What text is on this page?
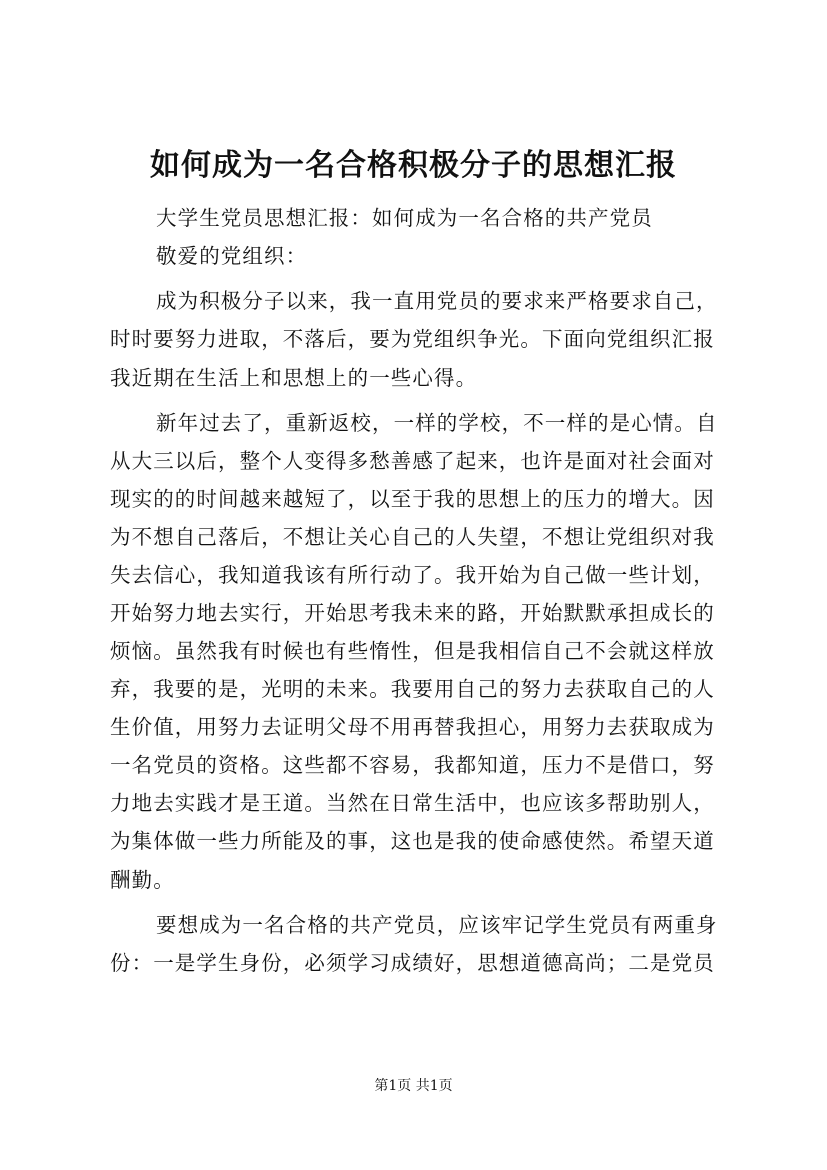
如何成为一名合格积极分子的思想汇报
大学生党员思想汇报：如何成为一名合格的共产党员
敬爱的党组织：
成为积极分子以来，我一直用党员的要求来严格要求自己，
时时要努力进取，不落后，要为党组织争光。下面向党组织汇报
我近期在生活上和思想上的一些心得。
新年过去了，重新返校，一样的学校，不一样的是心情。自
从大三以后，整个人变得多愁善感了起来，也许是面对社会面对
现实的的时间越来越短了，以至于我的思想上的压力的增大。因
为不想自己落后，不想让关心自己的人失望，不想让党组织对我
失去信心，我知道我该有所行动了。我开始为自己做一些计划，
开始努力地去实行，开始思考我未来的路，开始默默承担成长的
烦恼。虽然我有时候也有些惰性，但是我相信自己不会就这样放
弃，我要的是，光明的未来。我要用自己的努力去获取自己的人
生价值，用努力去证明父母不用再替我担心，用努力去获取成为
一名党员的资格。这些都不容易，我都知道，压力不是借口，努
力地去实践才是王道。当然在日常生活中，也应该多帮助别人，
为集体做一些力所能及的事，这也是我的使命感使然。希望天道
酬勤。
要想成为一名合格的共产党员，应该牢记学生党员有两重身
份：一是学生身份，必须学习成绩好，思想道德高尚；二是党员
第1页 共1页
